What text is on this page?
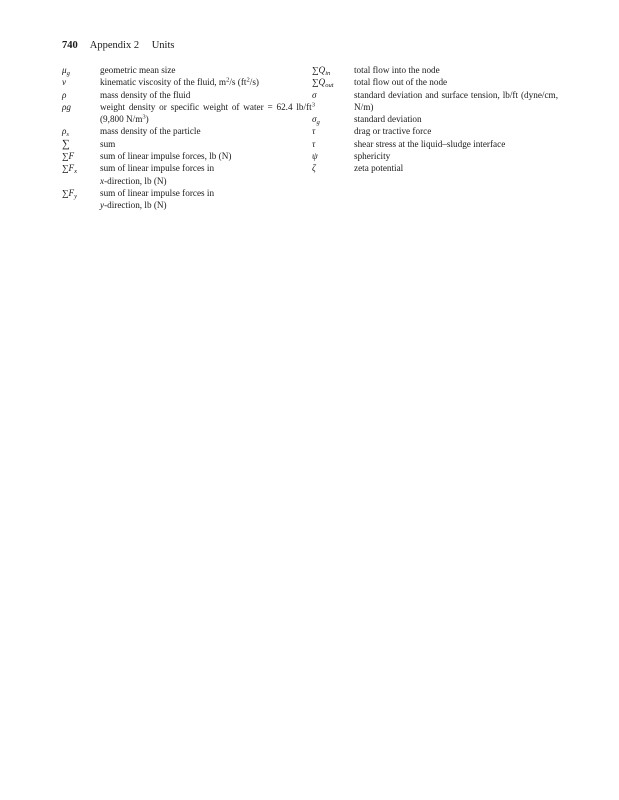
740 Appendix 2 Units
$\mu_g$	geometric mean size
ν	kinematic viscosity of the fluid, $m^2/s$ $(ft^2/s)$
ρ	mass density of the fluid
ρg	weight density or specific weight of water = 62.4 $lb/ft^3$ (9,800 $N/m^3$)
$\rho_s$	mass density of the particle
∑	sum
∑F	sum of linear impulse forces, lb (N)
$\sum F_x$	sum of linear impulse forces in
x-direction, lb (N)
$\sum F_y$	sum of linear impulse forces in
y-direction, lb (N)
$\sum Q_{in}$	total flow into the node
$\sum Q_{out}$	total flow out of the node
σ	standard deviation and surface tension, lb/ft (dyne/cm, N/m)
$\sigma_g$	standard deviation
τ	drag or tractive force
τ	shear stress at the liquid–sludge interface
ψ	sphericity
ζ	zeta potential
